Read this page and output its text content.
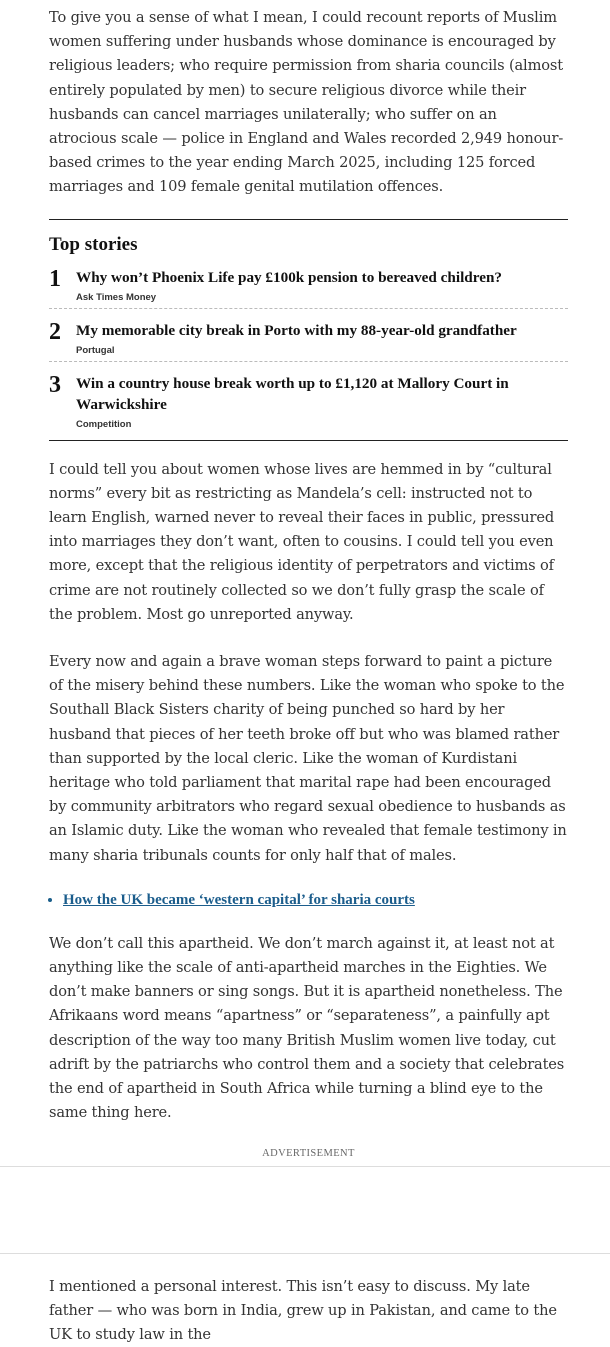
To give you a sense of what I mean, I could recount reports of Muslim women suffering under husbands whose dominance is encouraged by religious leaders; who require permission from sharia councils (almost entirely populated by men) to secure religious divorce while their husbands can cancel marriages unilaterally; who suffer on an atrocious scale — police in England and Wales recorded 2,949 honour-based crimes to the year ending March 2025, including 125 forced marriages and 109 female genital mutilation offences.

Top stories
1 Why won’t Phoenix Life pay £100k pension to bereaved children?
Ask Times Money
2 My memorable city break in Porto with my 88-year-old grandfather
Portugal
3 Win a country house break worth up to £1,120 at Mallory Court in Warwickshire
Competition

I could tell you about women whose lives are hemmed in by “cultural norms” every bit as restricting as Mandela’s cell: instructed not to learn English, warned never to reveal their faces in public, pressured into marriages they don’t want, often to cousins. I could tell you even more, except that the religious identity of perpetrators and victims of crime are not routinely collected so we don’t fully grasp the scale of the problem. Most go unreported anyway.

Every now and again a brave woman steps forward to paint a picture of the misery behind these numbers. Like the woman who spoke to the Southall Black Sisters charity of being punched so hard by her husband that pieces of her teeth broke off but who was blamed rather than supported by the local cleric. Like the woman of Kurdistani heritage who told parliament that marital rape had been encouraged by community arbitrators who regard sexual obedience to husbands as an Islamic duty. Like the woman who revealed that female testimony in many sharia tribunals counts for only half that of males.

• How the UK became ‘western capital’ for sharia courts

We don’t call this apartheid. We don’t march against it, at least not at anything like the scale of anti-apartheid marches in the Eighties. We don’t make banners or sing songs. But it is apartheid nonetheless. The Afrikaans word means “apartness” or “separateness”, a painfully apt description of the way too many British Muslim women live today, cut adrift by the patriarchs who control them and a society that celebrates the end of apartheid in South Africa while turning a blind eye to the same thing here.

ADVERTISEMENT

I mentioned a personal interest. This isn’t easy to discuss. My late father — who was born in India, grew up in Pakistan, and came to the UK to study law in the
